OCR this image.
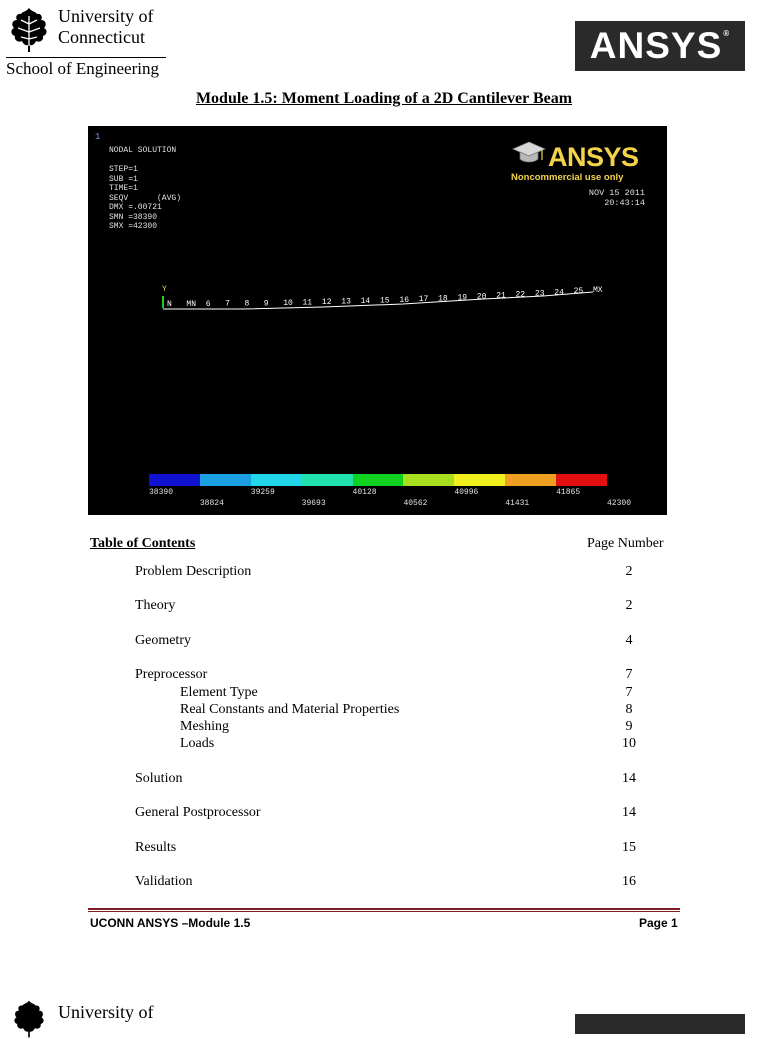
University of
Connecticut
School of Engineering
ANSYS ®
Module 1.5: Moment Loading of a 2D Cantilever Beam
1
NODAL SOLUTION

STEP=1
SUB =1
TIME=1
SEQV      (AVG)
DMX =.00721
SMN =38390
SMX =42300
ANSYS
Noncommercial use only
NOV 15 2011
20:43:14
Y
N MN 6 7 8 9 10 11 12 13 14 15 16 17 18 19 20 21 22 23 24 25 MX
38390	39259	40128	40996	41865
38824	39693	40562	41431	42300
Table of Contents	Page Number
Problem Description	2
Theory	2
Geometry	4
Preprocessor	7
Element Type	7
Real Constants and Material Properties	8
Meshing	9
Loads	10
Solution	14
General Postprocessor	14
Results	15
Validation	16
UCONN ANSYS –Module 1.5	Page 1
University of
